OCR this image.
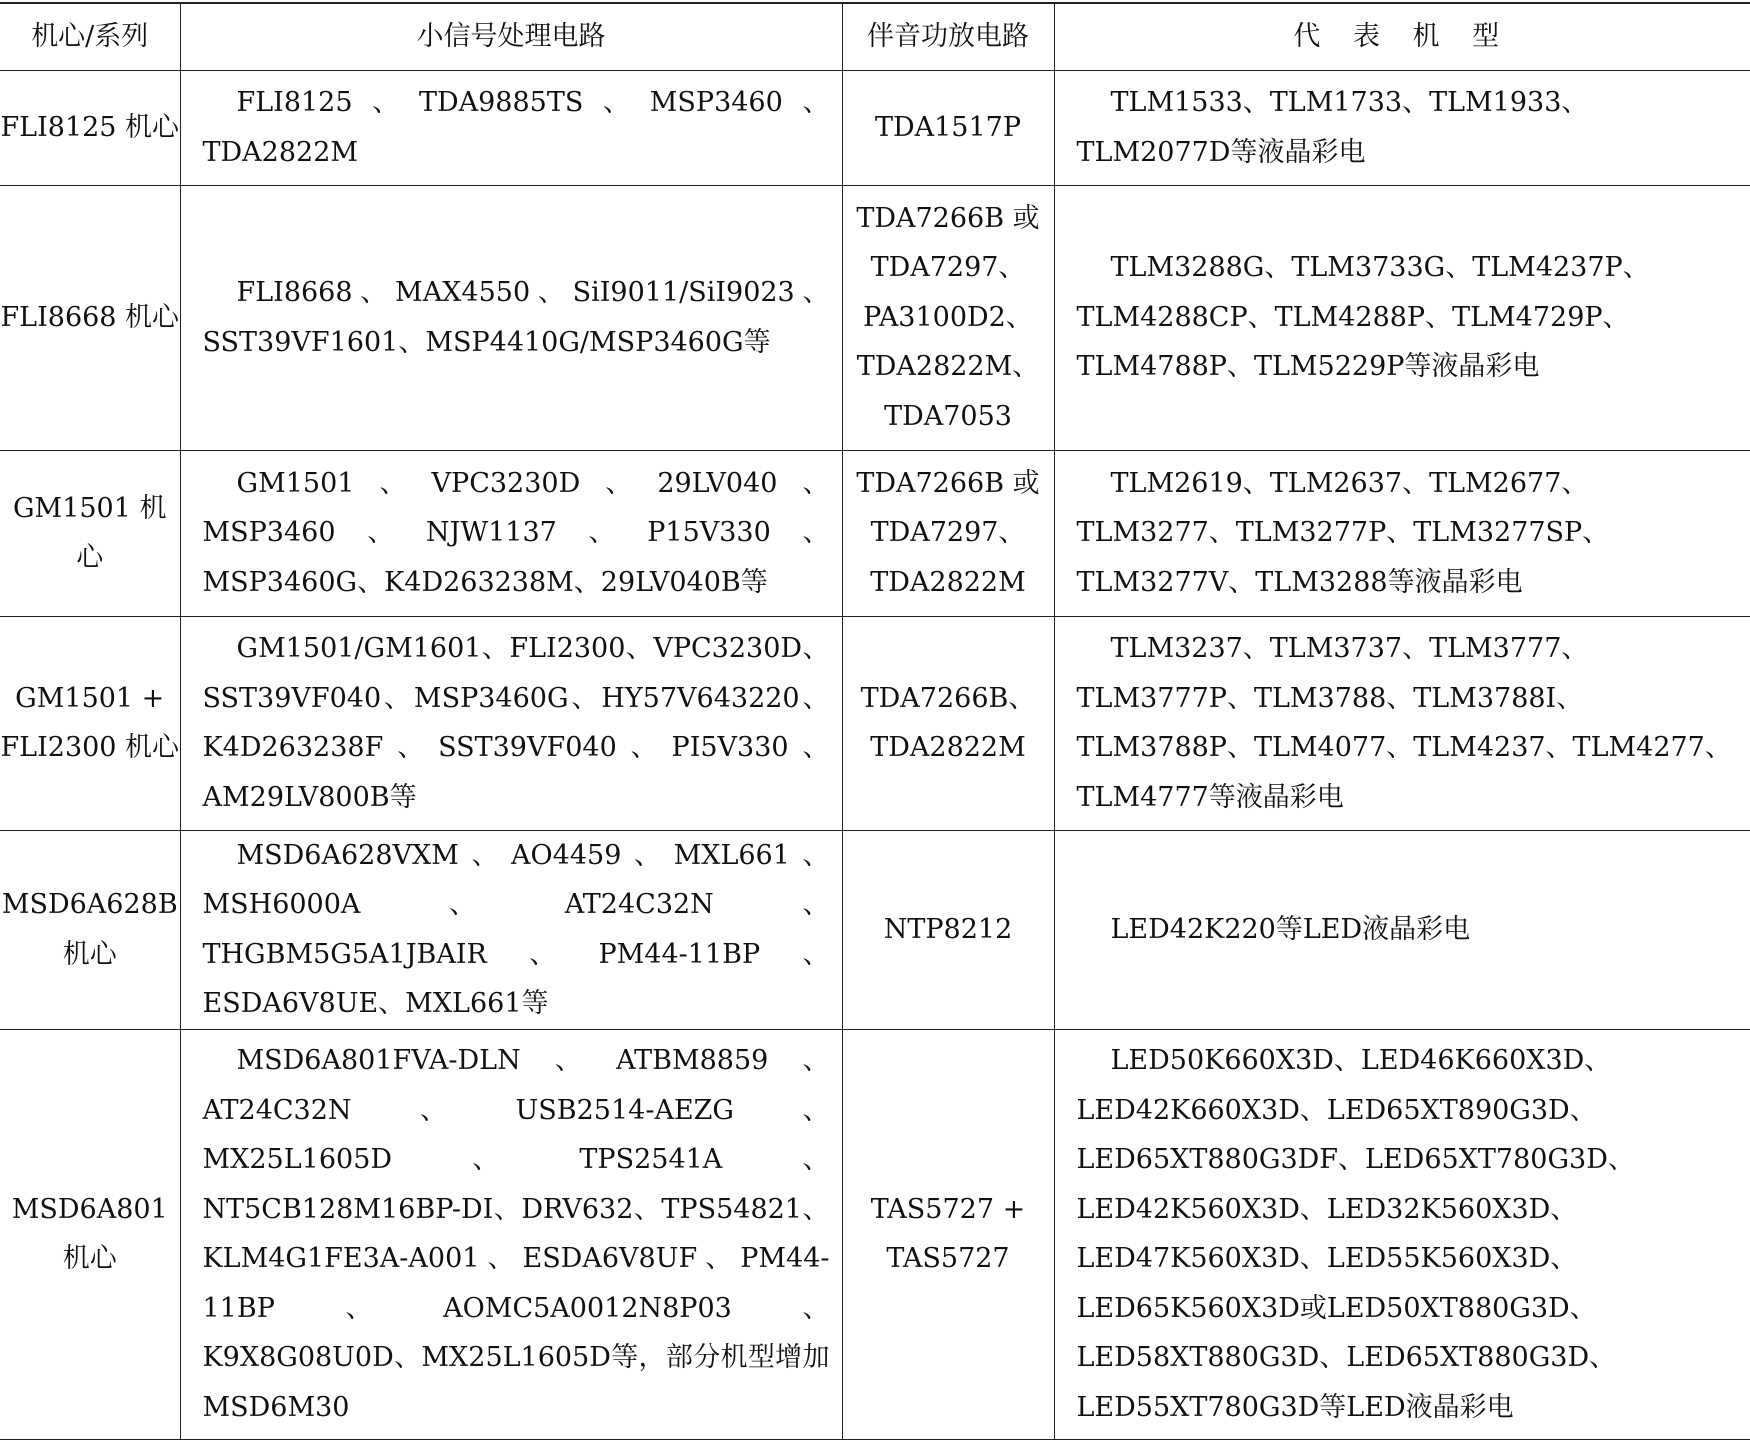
机心/系列	小信号处理电路	伴音功放电路	代 表 机 型
FLI8125 机心	FLI8125、TDA9885TS、MSP3460、TDA2822M	TDA1517P	TLM1533、TLM1733、TLM1933、TLM2077D等液晶彩电
FLI8668 机心	FLI8668、MAX4550、SiI9011/SiI9023、SST39VF1601、MSP4410G/MSP3460G等	TDA7266B 或 TDA7297、PA3100D2、TDA2822M、TDA7053	TLM3288G、TLM3733G、TLM4237P、TLM4288CP、TLM4288P、TLM4729P、TLM4788P、TLM5229P等液晶彩电
GM1501 机心	GM1501、VPC3230D、29LV040、MSP3460、NJW1137、P15V330、MSP3460G、K4D263238M、29LV040B等	TDA7266B 或 TDA7297、TDA2822M	TLM2619、TLM2637、TLM2677、TLM3277、TLM3277P、TLM3277SP、TLM3277V、TLM3288等液晶彩电
GM1501 + FLI2300 机心	GM1501/GM1601、FLI2300、VPC3230D、SST39VF040、MSP3460G、HY57V643220、K4D263238F、SST39VF040、PI5V330、AM29LV800B等	TDA7266B、TDA2822M	TLM3237、TLM3737、TLM3777、TLM3777P、TLM3788、TLM3788I、TLM3788P、TLM4077、TLM4237、TLM4277、TLM4777等液晶彩电
MSD6A628B 机心	MSD6A628VXM、AO4459、MXL661、MSH6000A、AT24C32N、THGBM5G5A1JBAIR、PM44-11BP、ESDA6V8UE、MXL661等	NTP8212	LED42K220等LED液晶彩电
MSD6A801 机心	MSD6A801FVA-DLN、ATBM8859、AT24C32N、USB2514-AEZG、MX25L1605D、TPS2541A、NT5CB128M16BP-DI、DRV632、TPS54821、KLM4G1FE3A-A001、ESDA6V8UF、PM44-11BP、AOMC5A0012N8P03、K9X8G08U0D、MX25L1605D等，部分机型增加MSD6M30	TAS5727 + TAS5727	LED50K660X3D、LED46K660X3D、LED42K660X3D、LED65XT890G3D、LED65XT880G3DF、LED65XT780G3D、LED42K560X3D、LED32K560X3D、LED47K560X3D、LED55K560X3D、LED65K560X3D或LED50XT880G3D、LED58XT880G3D、LED65XT880G3D、LED55XT780G3D等LED液晶彩电
